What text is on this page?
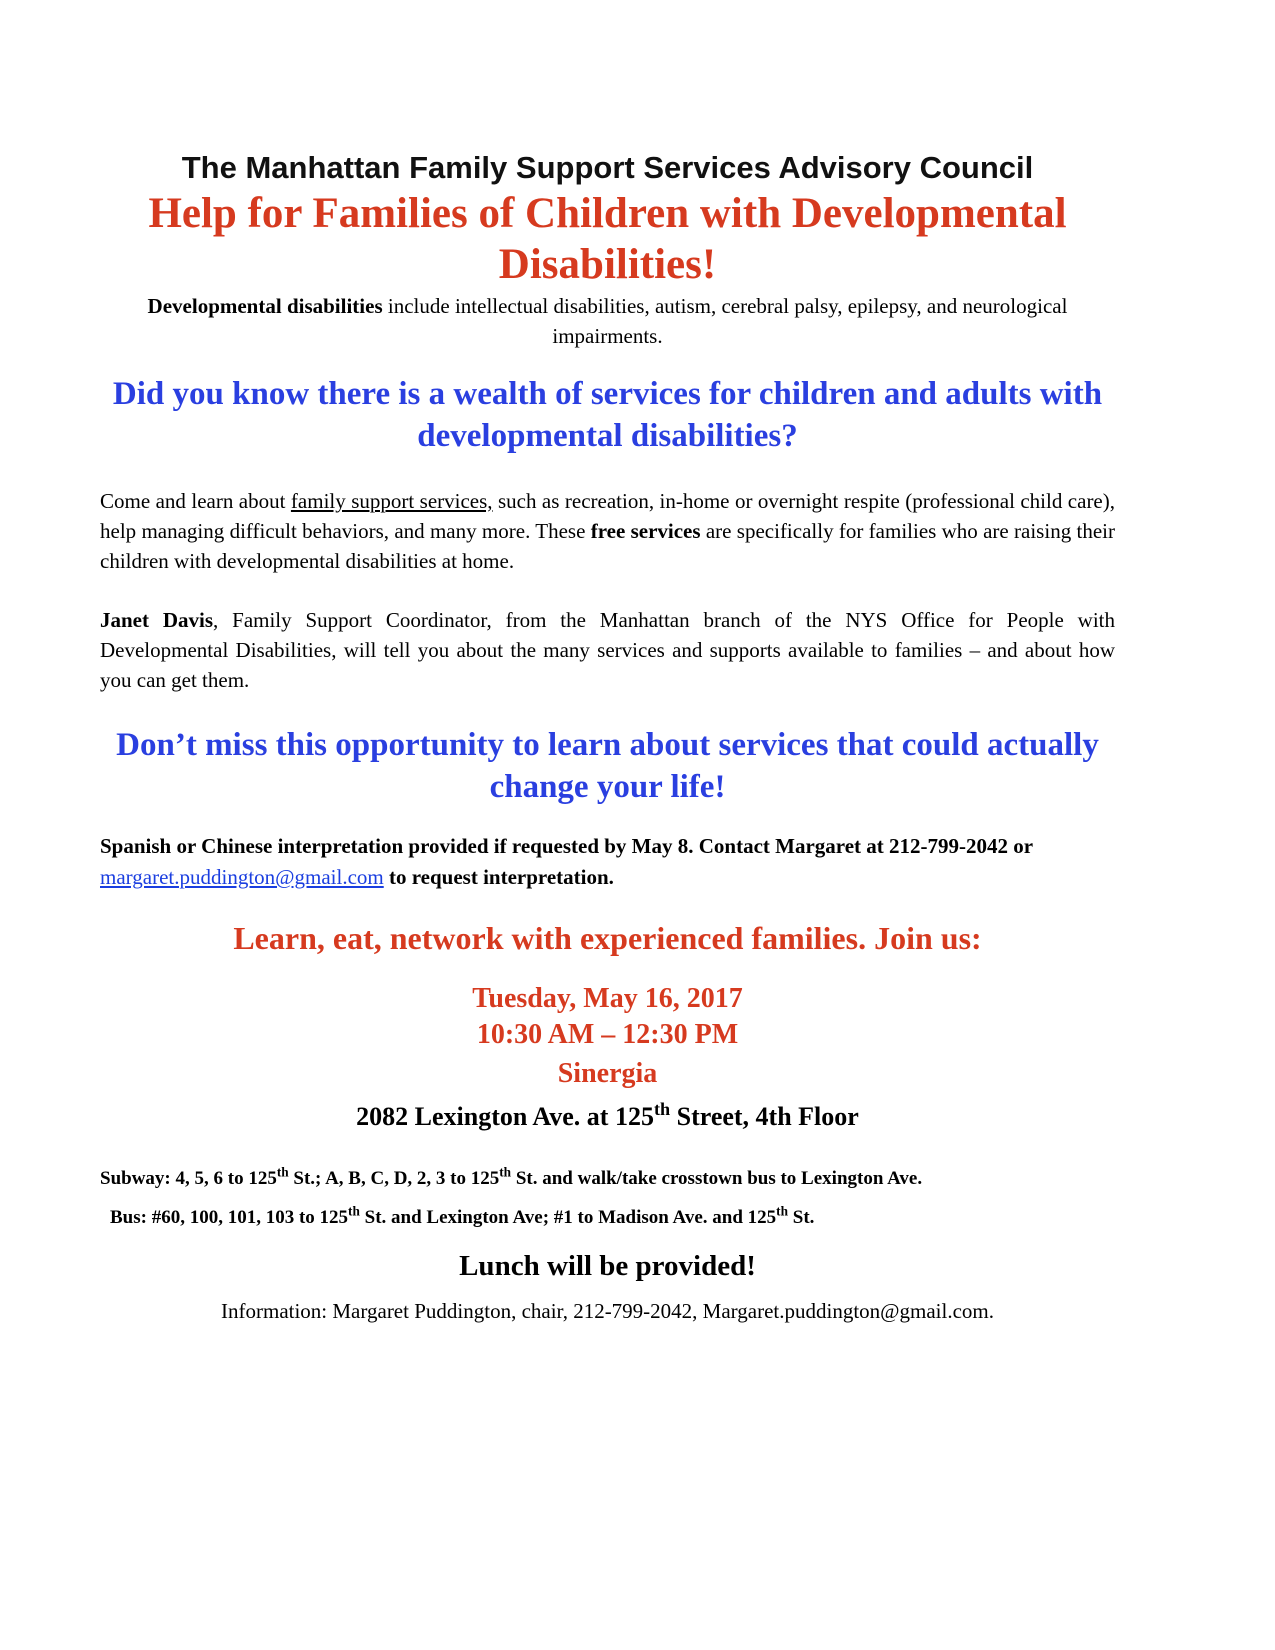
The Manhattan Family Support Services Advisory Council
Help for Families of Children with Developmental Disabilities!
Developmental disabilities include intellectual disabilities, autism, cerebral palsy, epilepsy, and neurological impairments.
Did you know there is a wealth of services for children and adults with developmental disabilities?
Come and learn about family support services, such as recreation, in-home or overnight respite (professional child care), help managing difficult behaviors, and many more. These free services are specifically for families who are raising their children with developmental disabilities at home.
Janet Davis, Family Support Coordinator, from the Manhattan branch of the NYS Office for People with Developmental Disabilities, will tell you about the many services and supports available to families – and about how you can get them.
Don’t miss this opportunity to learn about services that could actually change your life!
Spanish or Chinese interpretation provided if requested by May 8. Contact Margaret at 212-799-2042 or margaret.puddington@gmail.com to request interpretation.
Learn, eat, network with experienced families. Join us:
Tuesday, May 16, 2017
10:30 AM – 12:30 PM
Sinergia
2082 Lexington Ave. at 125th Street, 4th Floor
Subway: 4, 5, 6 to 125th St.; A, B, C, D, 2, 3 to 125th St. and walk/take crosstown bus to Lexington Ave.
Bus: #60, 100, 101, 103 to 125th St. and Lexington Ave; #1 to Madison Ave. and 125th St.
Lunch will be provided!
Information: Margaret Puddington, chair, 212-799-2042, Margaret.puddington@gmail.com.
